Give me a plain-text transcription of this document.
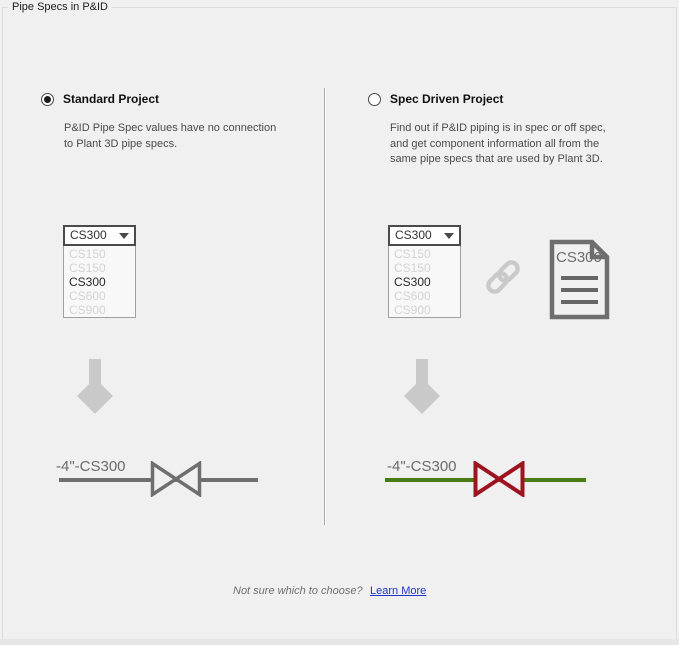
Pipe Specs in P&ID
Standard Project
P&ID Pipe Spec values have no connection
to Plant 3D pipe specs.
CS300
CS150
CS150
CS300
CS600
CS900
-4"-CS300
Spec Driven Project
Find out if P&ID piping is in spec or off spec,
and get component information all from the
same pipe specs that are used by Plant 3D.
CS300
CS150
CS150
CS300
CS600
CS900
CS300
-4"-CS300
Not sure which to choose? Learn More
